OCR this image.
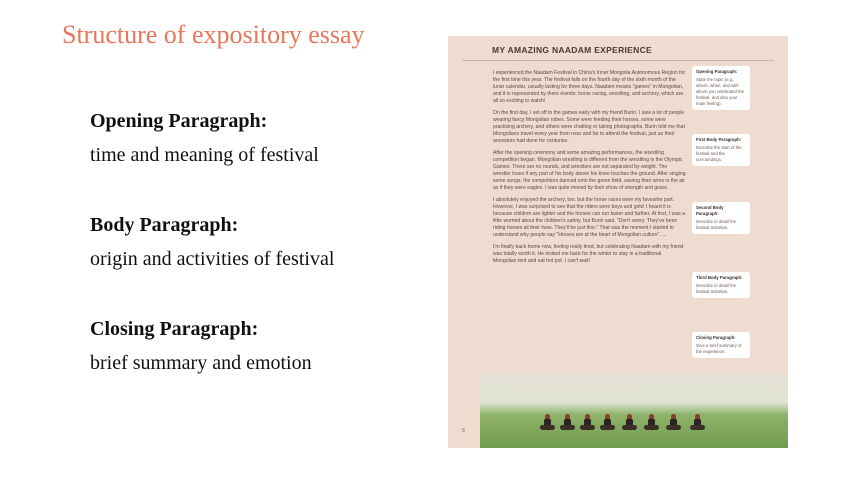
Structure of expository essay
Opening Paragraph:
time and meaning of festival
Body Paragraph:
origin and activities of festival
Closing Paragraph:
brief summary and emotion
MY AMAZING NAADAM EXPERIENCE

I experienced the Naadam Festival in China's Inner Mongolia Autonomous Region for the first time this year. The festival falls on the fourth day of the sixth month of the lunar calendar, usually lasting for three days. Naadam means "games" in Mongolian, and it is represented by three events: horse racing, wrestling, and archery, which are all so exciting to watch!

On the first day, I set off to the games early with my friend Burin. I saw a lot of people wearing fancy Mongolian robes. Some were feeding their horses, some were practising archery, and others were chatting or taking photographs. Burin told me that Mongolians travel every year from near and far to attend the festival, just as their ancestors had done for centuries.

After the opening ceremony and some amazing performances, the wrestling competition began. Mongolian wrestling is different from the wrestling in the Olympic Games. There are no rounds, and wrestlers are not separated by weight. The wrestler loses if any part of his body above his knee touches the ground. After singing some songs, the competitors danced onto the green field, waving their arms in the air as if they were eagles. I was quite moved by their show of strength and grace.

I absolutely enjoyed the archery, too, but the horse races were my favourite part. However, I was surprised to see that the riders were boys and girls! I heard it is because children are lighter and the horses can run faster and farther. At first, I was a little worried about the children's safety, but Burin said, "Don't worry. They've been riding horses all their lives. They'll be just fine." That was the moment I started to understand why people say "Horses are at the heart of Mongolian culture". ...

I'm finally back home now, feeling really tired, but celebrating Naadam with my friend was totally worth it. He invited me back for the winter to stay in a traditional Mongolian tent and eat hot pot. I can't wait!

Opening Paragraph:
State the topic (e.g., where, when, and with whom you celebrated the festival, and also your main feeling).
First Body Paragraph:
Describe the start of the festival and the surroundings.
Second Body Paragraph:
Describe in detail the festival activities.
Third Body Paragraph:
Describe in detail the festival activities.
Closing Paragraph:
Give a brief summary of the experience.
8
